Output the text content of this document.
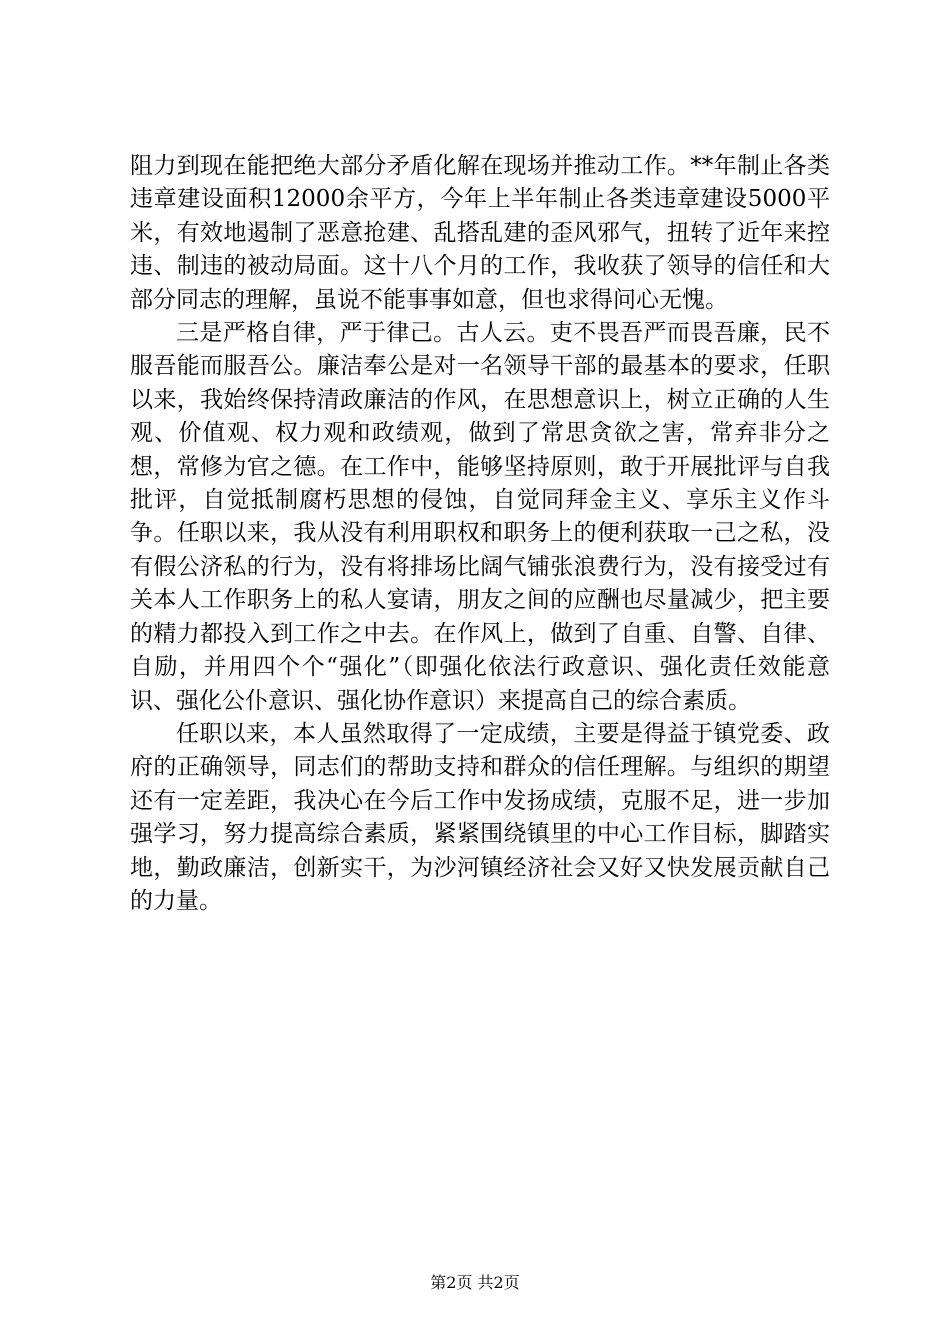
阻力到现在能把绝大部分矛盾化解在现场并推动工作。**年制止各类违章建设面积12000余平方，今年上半年制止各类违章建设5000平米，有效地遏制了恶意抢建、乱搭乱建的歪风邪气，扭转了近年来控违、制违的被动局面。这十八个月的工作，我收获了领导的信任和大部分同志的理解，虽说不能事事如意，但也求得问心无愧。

三是严格自律，严于律己。古人云。吏不畏吾严而畏吾廉，民不服吾能而服吾公。廉洁奉公是对一名领导干部的最基本的要求，任职以来，我始终保持清政廉洁的作风，在思想意识上，树立正确的人生观、价值观、权力观和政绩观，做到了常思贪欲之害，常弃非分之想，常修为官之德。在工作中，能够坚持原则，敢于开展批评与自我批评，自觉抵制腐朽思想的侵蚀，自觉同拜金主义、享乐主义作斗争。任职以来，我从没有利用职权和职务上的便利获取一己之私，没有假公济私的行为，没有将排场比阔气铺张浪费行为，没有接受过有关本人工作职务上的私人宴请，朋友之间的应酬也尽量减少，把主要的精力都投入到工作之中去。在作风上，做到了自重、自警、自律、自励，并用四个个“强化”（即强化依法行政意识、强化责任效能意识、强化公仆意识、强化协作意识）来提高自己的综合素质。

任职以来，本人虽然取得了一定成绩，主要是得益于镇党委、政府的正确领导，同志们的帮助支持和群众的信任理解。与组织的期望还有一定差距，我决心在今后工作中发扬成绩，克服不足，进一步加强学习，努力提高综合素质，紧紧围绕镇里的中心工作目标，脚踏实地，勤政廉洁，创新实干，为沙河镇经济社会又好又快发展贡献自己的力量。

第2页 共2页
